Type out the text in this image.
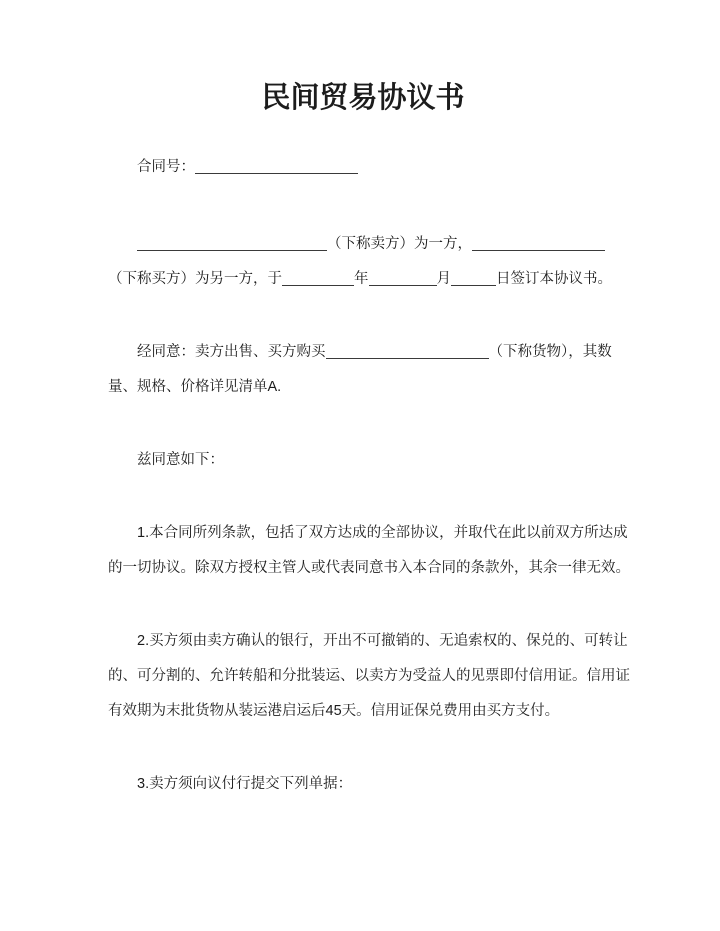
民间贸易协议书
合同号：
（下称卖方）为一方，
（下称买方）为另一方，于	年	月	日签订本协议书。
经同意：卖方出售、买方购买	（下称货物），其数
量、规格、价格详见清单A.
兹同意如下：
1.本合同所列条款，包括了双方达成的全部协议，并取代在此以前双方所达成
的一切协议。除双方授权主管人或代表同意书入本合同的条款外，其余一律无效。
2.买方须由卖方确认的银行，开出不可撤销的、无追索权的、保兑的、可转让
的、可分割的、允许转船和分批装运、以卖方为受益人的见票即付信用证。信用证
有效期为末批货物从装运港启运后45天。信用证保兑费用由买方支付。
3.卖方须向议付行提交下列单据：
